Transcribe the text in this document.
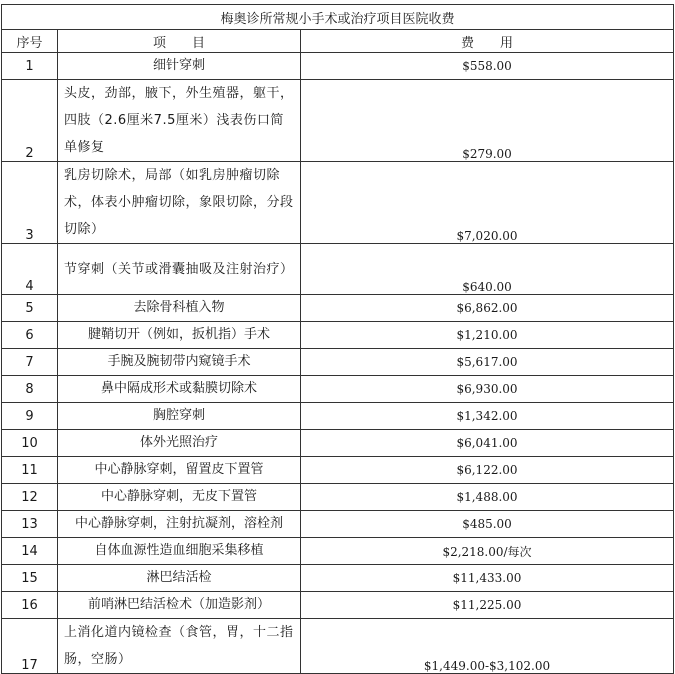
梅奥诊所常规小手术或治疗项目医院收费		
序号	项　　目	费　　用
1	细针穿刺	$558.00
2	头皮，劲部，腋下，外生殖器，躯干，四肢（2.6厘米7.5厘米）浅表伤口简单修复	$279.00
3	乳房切除术，局部（如乳房肿瘤切除术，体表小肿瘤切除，象限切除，分段切除）	$7,020.00
4	节穿刺（关节或滑囊抽吸及注射治疗）	$640.00
5	去除骨科植入物	$6,862.00
6	腱鞘切开（例如，扳机指）手术	$1,210.00
7	手腕及腕韧带内窥镜手术	$5,617.00
8	鼻中隔成形术或黏膜切除术	$6,930.00
9	胸腔穿刺	$1,342.00
10	体外光照治疗	$6,041.00
11	中心静脉穿刺，留置皮下置管	$6,122.00
12	中心静脉穿刺，无皮下置管	$1,488.00
13	中心静脉穿刺，注射抗凝剂，溶栓剂	$485.00
14	自体血源性造血细胞采集移植	$2,218.00/每次
15	淋巴结活检	$11,433.00
16	前哨淋巴结活检术（加造影剂）	$11,225.00
17	上消化道内镜检查（食管，胃，十二指肠，空肠）	$1,449.00-$3,102.00
